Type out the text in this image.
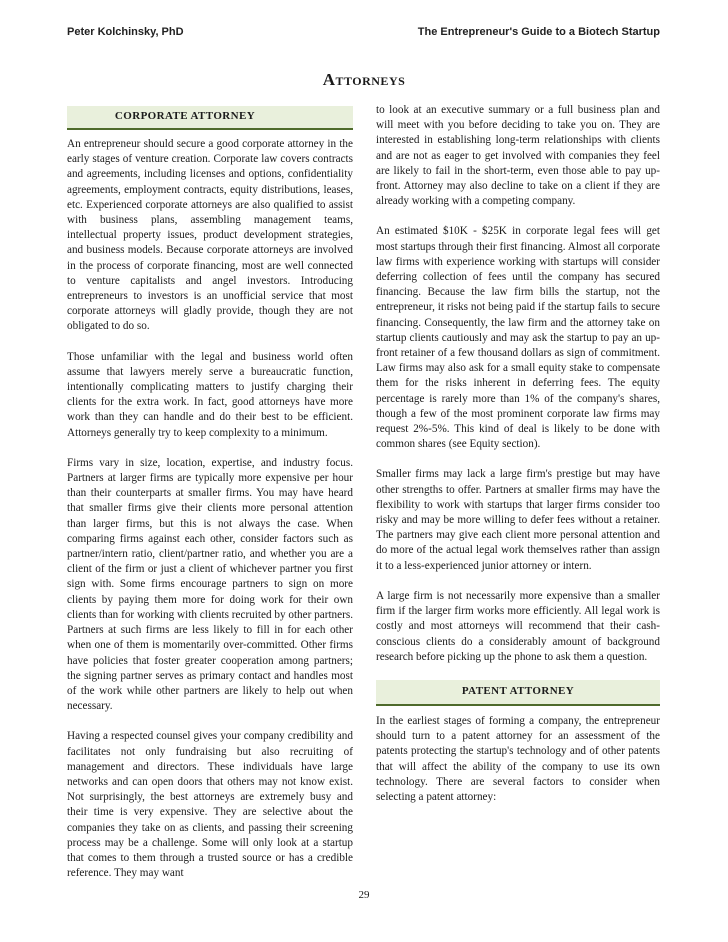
Peter Kolchinsky, PhD	The Entrepreneur's Guide to a Biotech Startup
Attorneys
CORPORATE ATTORNEY

An entrepreneur should secure a good corporate attorney in the early stages of venture creation. Corporate law covers contracts and agreements, including licenses and options, confidentiality agreements, employment contracts, equity distributions, leases, etc. Experienced corporate attorneys are also qualified to assist with business plans, assembling management teams, intellectual property issues, product development strategies, and business models. Because corporate attorneys are involved in the process of corporate financing, most are well connected to venture capitalists and angel investors. Introducing entrepreneurs to investors is an unofficial service that most corporate attorneys will gladly provide, though they are not obligated to do so.

Those unfamiliar with the legal and business world often assume that lawyers merely serve a bureaucratic function, intentionally complicating matters to justify charging their clients for the extra work. In fact, good attorneys have more work than they can handle and do their best to be efficient. Attorneys generally try to keep complexity to a minimum.

Firms vary in size, location, expertise, and industry focus. Partners at larger firms are typically more expensive per hour than their counterparts at smaller firms. You may have heard that smaller firms give their clients more personal attention than larger firms, but this is not always the case. When comparing firms against each other, consider factors such as partner/intern ratio, client/partner ratio, and whether you are a client of the firm or just a client of whichever partner you first sign with. Some firms encourage partners to sign on more clients by paying them more for doing work for their own clients than for working with clients recruited by other partners. Partners at such firms are less likely to fill in for each other when one of them is momentarily over-committed. Other firms have policies that foster greater cooperation among partners; the signing partner serves as primary contact and handles most of the work while other partners are likely to help out when necessary.

Having a respected counsel gives your company credibility and facilitates not only fundraising but also recruiting of management and directors. These individuals have large networks and can open doors that others may not know exist. Not surprisingly, the best attorneys are extremely busy and their time is very expensive. They are selective about the companies they take on as clients, and passing their screening process may be a challenge. Some will only look at a startup that comes to them through a trusted source or has a credible reference. They may want

to look at an executive summary or a full business plan and will meet with you before deciding to take you on. They are interested in establishing long-term relationships with clients and are not as eager to get involved with companies they feel are likely to fail in the short-term, even those able to pay up-front. Attorney may also decline to take on a client if they are already working with a competing company.

An estimated $10K - $25K in corporate legal fees will get most startups through their first financing. Almost all corporate law firms with experience working with startups will consider deferring collection of fees until the company has secured financing. Because the law firm bills the startup, not the entrepreneur, it risks not being paid if the startup fails to secure financing. Consequently, the law firm and the attorney take on startup clients cautiously and may ask the startup to pay an up-front retainer of a few thousand dollars as sign of commitment. Law firms may also ask for a small equity stake to compensate them for the risks inherent in deferring fees. The equity percentage is rarely more than 1% of the company's shares, though a few of the most prominent corporate law firms may request 2%-5%. This kind of deal is likely to be done with common shares (see Equity section).

Smaller firms may lack a large firm's prestige but may have other strengths to offer. Partners at smaller firms may have the flexibility to work with startups that larger firms consider too risky and may be more willing to defer fees without a retainer. The partners may give each client more personal attention and do more of the actual legal work themselves rather than assign it to a less-experienced junior attorney or intern.

A large firm is not necessarily more expensive than a smaller firm if the larger firm works more efficiently. All legal work is costly and most attorneys will recommend that their cash-conscious clients do a considerably amount of background research before picking up the phone to ask them a question.

PATENT ATTORNEY

In the earliest stages of forming a company, the entrepreneur should turn to a patent attorney for an assessment of the patents protecting the startup's technology and of other patents that will affect the ability of the company to use its own technology. There are several factors to consider when selecting a patent attorney:

29
